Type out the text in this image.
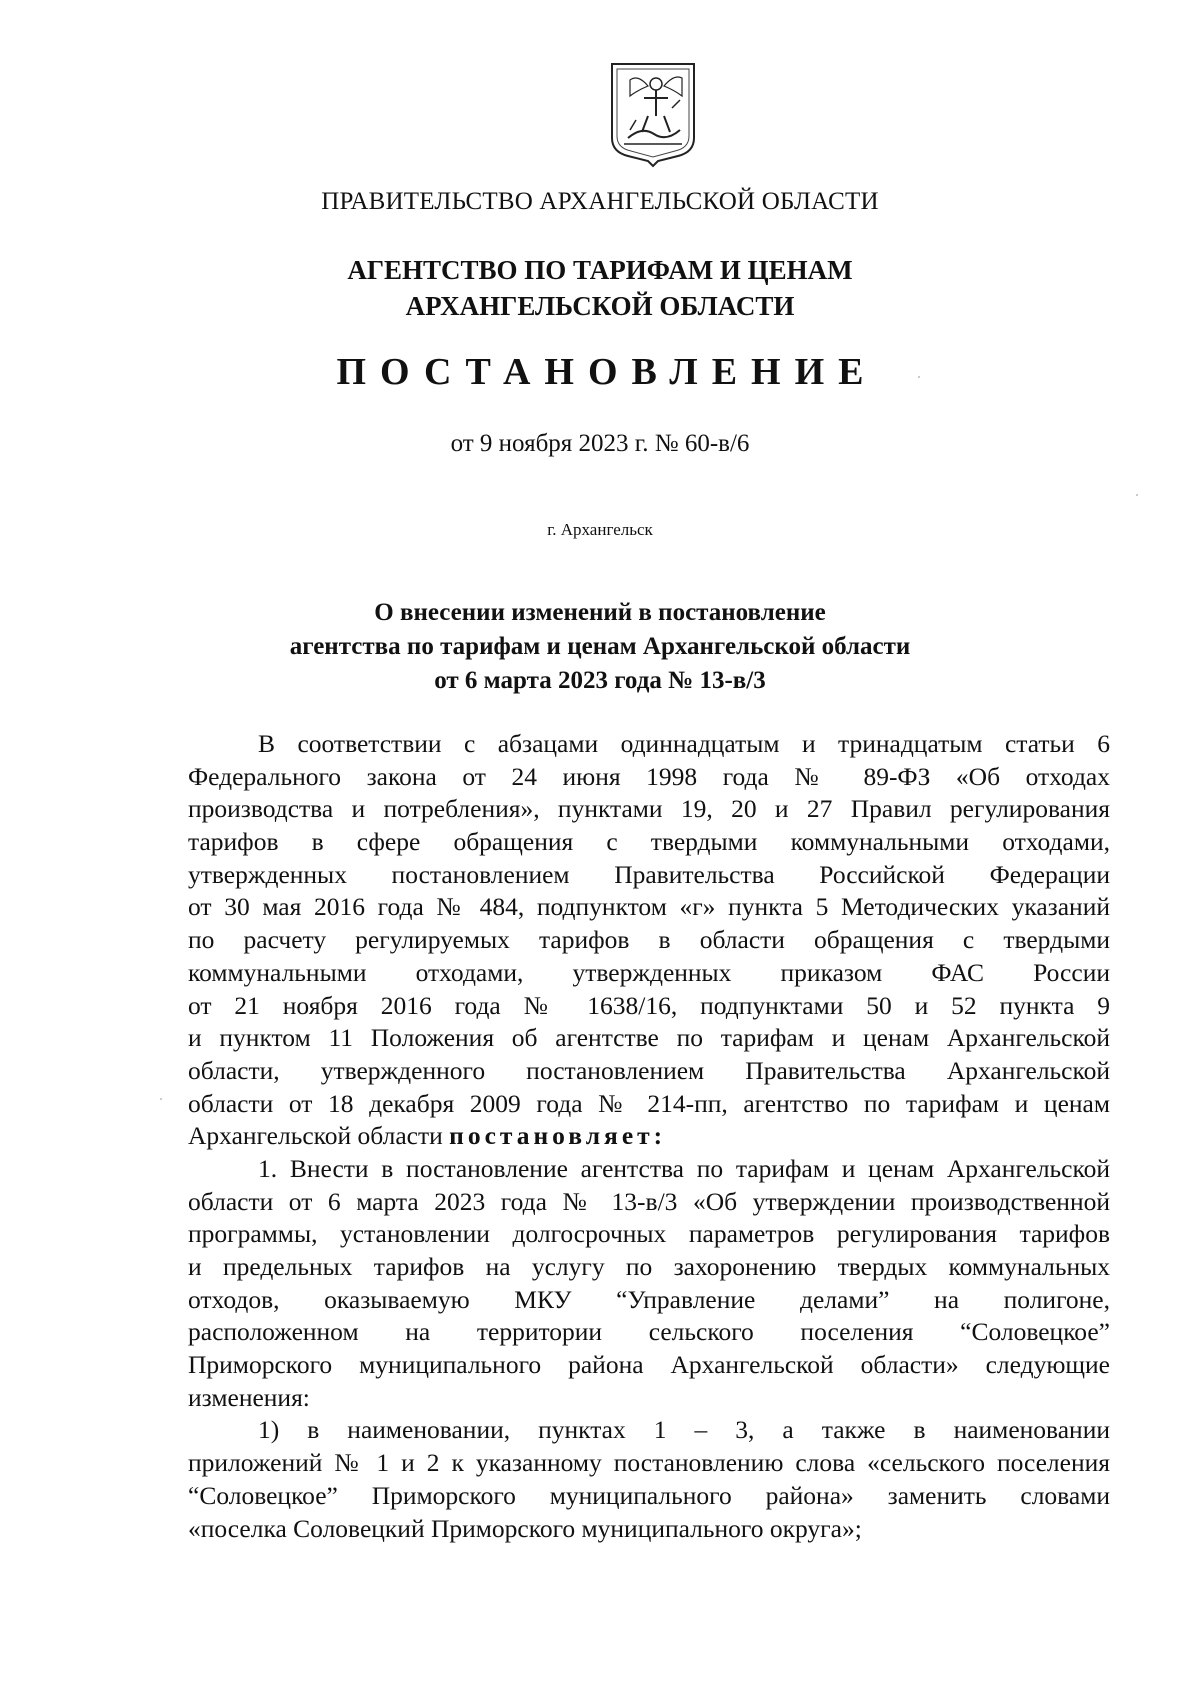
ПРАВИТЕЛЬСТВО АРХАНГЕЛЬСКОЙ ОБЛАСТИ
АГЕНТСТВО ПО ТАРИФАМ И ЦЕНАМ
АРХАНГЕЛЬСКОЙ ОБЛАСТИ
ПОСТАНОВЛЕНИЕ
от 9 ноября 2023 г. № 60-в/6
г. Архангельск
О внесении изменений в постановление
агентства по тарифам и ценам Архангельской области
от 6 марта 2023 года № 13-в/3
В соответствии с абзацами одиннадцатым и тринадцатым статьи 6
Федерального закона от 24 июня 1998 года № 89-ФЗ «Об отходах
производства и потребления», пунктами 19, 20 и 27 Правил регулирования
тарифов в сфере обращения с твердыми коммунальными отходами,
утвержденных постановлением Правительства Российской Федерации
от 30 мая 2016 года № 484, подпунктом «г» пункта 5 Методических указаний
по расчету регулируемых тарифов в области обращения с твердыми
коммунальными отходами, утвержденных приказом ФАС России
от 21 ноября 2016 года № 1638/16, подпунктами 50 и 52 пункта 9
и пунктом 11 Положения об агентстве по тарифам и ценам Архангельской
области, утвержденного постановлением Правительства Архангельской
области от 18 декабря 2009 года № 214-пп, агентство по тарифам и ценам
Архангельской области постановляет:
1. Внести в постановление агентства по тарифам и ценам Архангельской
области от 6 марта 2023 года № 13-в/3 «Об утверждении производственной
программы, установлении долгосрочных параметров регулирования тарифов
и предельных тарифов на услугу по захоронению твердых коммунальных
отходов, оказываемую МКУ “Управление делами” на полигоне,
расположенном на территории сельского поселения “Соловецкое”
Приморского муниципального района Архангельской области» следующие
изменения:
1) в наименовании, пунктах 1 – 3, а также в наименовании
приложений № 1 и 2 к указанному постановлению слова «сельского поселения
“Соловецкое” Приморского муниципального района» заменить словами
«поселка Соловецкий Приморского муниципального округа»;
